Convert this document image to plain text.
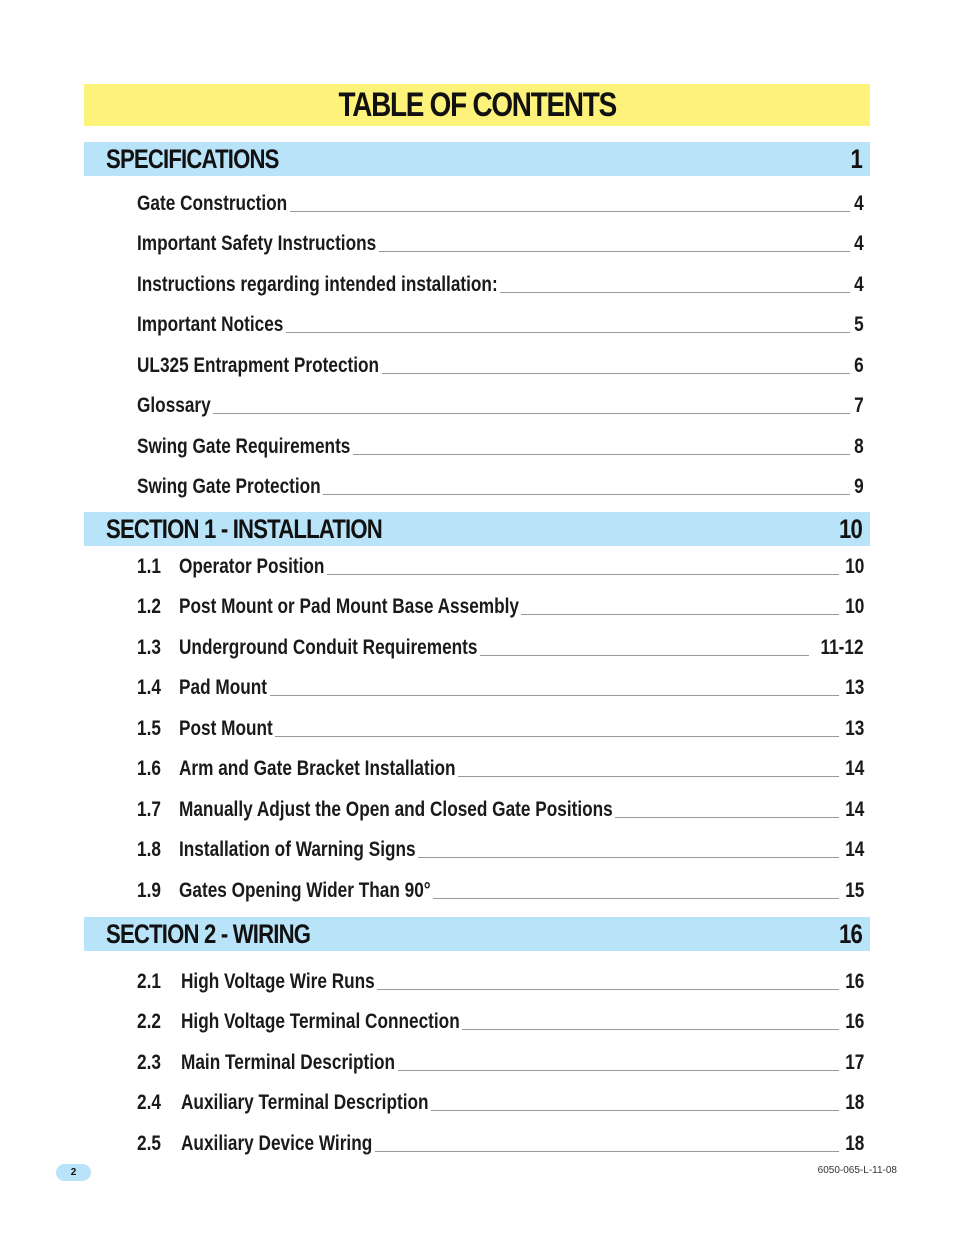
TABLE OF CONTENTS
SPECIFICATIONS	1
Gate Construction	4
Important Safety Instructions	4
Instructions regarding intended installation:	4
Important Notices	5
UL325 Entrapment Protection	6
Glossary	7
Swing Gate Requirements	8
Swing Gate Protection	9
SECTION 1 - INSTALLATION	10
1.1 Operator Position	10
1.2 Post Mount or Pad Mount Base Assembly	10
1.3 Underground Conduit Requirements	11-12
1.4 Pad Mount	13
1.5 Post Mount	13
1.6 Arm and Gate Bracket Installation	14
1.7 Manually Adjust the Open and Closed Gate Positions	14
1.8 Installation of Warning Signs	14
1.9 Gates Opening Wider Than 90°	15
SECTION 2 - WIRING	16
2.1 High Voltage Wire Runs	16
2.2 High Voltage Terminal Connection	16
2.3 Main Terminal Description	17
2.4 Auxiliary Terminal Description	18
2.5 Auxiliary Device Wiring	18
2	6050-065-L-11-08
